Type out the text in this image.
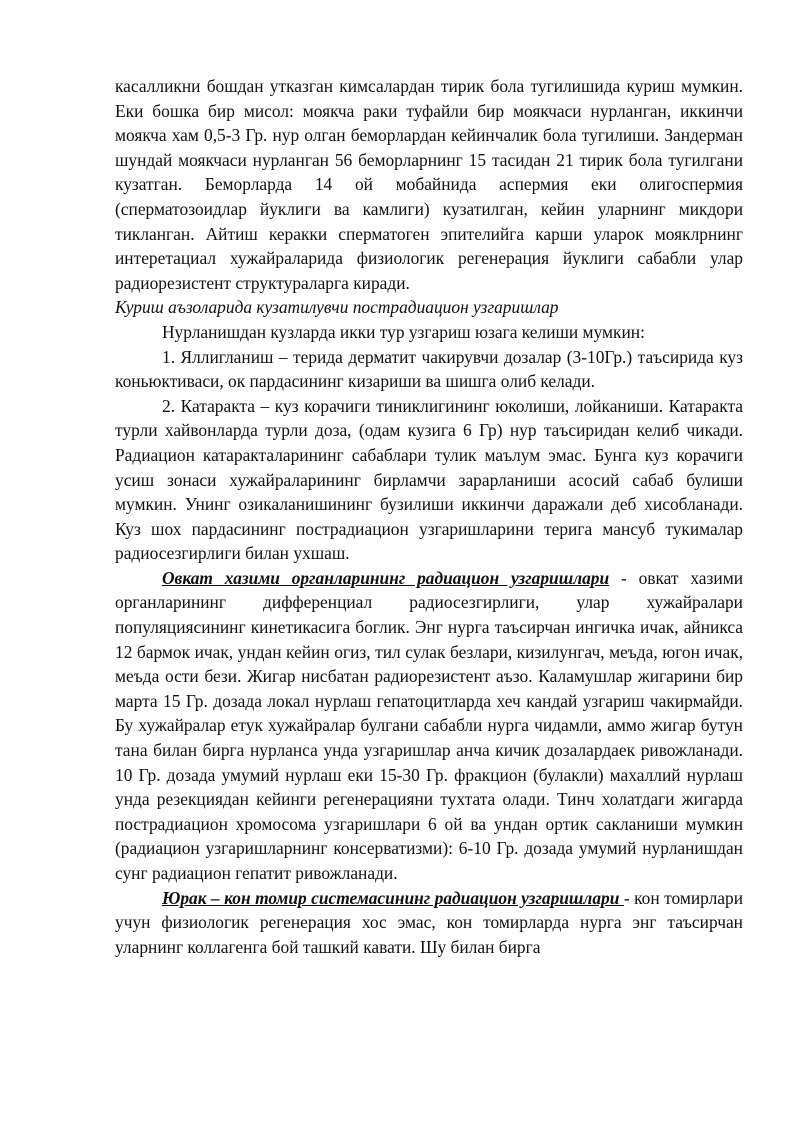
касалликни бошдан утказган кимсалардан тирик бола тугилишида куриш мумкин. Еки бошка бир мисол: моякча раки туфайли бир моякчаси нурланган, иккинчи моякча хам 0,5-3 Гр. нур олган беморлардан кейинчалик бола тугилиши. Зандерман шундай моякчаси нурланган 56 беморларнинг 15 тасидан 21 тирик бола тугилгани кузатган. Беморларда 14 ой мобайнида аспермия еки олигоспермия (сперматозоидлар йуклиги ва камлиги) кузатилган, кейин уларнинг микдори тикланган. Айтиш керакки сперматоген эпителийга карши уларок мояклрнинг интеретациал хужайраларида физиологик регенерация йуклиги сабабли улар радиорезистент структураларга киради.

Куриш аъзоларида кузатилувчи пострадиацион узгаришлар

Нурланишдан кузларда икки тур узгариш юзага келиши мумкин:

1. Яллигланиш – терида дерматит чакирувчи дозалар (3-10Гр.) таъсирида куз коньюктиваси, ок пардасининг кизариши ва шишга олиб келади.

2. Катаракта – куз корачиги тиниклигининг юколиши, лойканиши. Катаракта турли хайвонларда турли доза, (одам кузига 6 Гр) нур таъсиридан келиб чикади. Радиацион катаракталарининг сабаблари тулик маълум эмас. Бунга куз корачиги усиш зонаси хужайраларининг бирламчи зарарланиши асосий сабаб булиши мумкин. Унинг озикаланишининг бузилиши иккинчи даражали деб хисобланади. Куз шох пардасининг пострадиацион узгаришларини терига мансуб тукималар радиосезгирлиги билан ухшаш.

Овкат хазими органларининг радиацион узгаришлари - овкат хазими органларининг дифференциал радиосезгирлиги, улар хужайралари популяциясининг кинетикасига боглик. Энг нурга таъсирчан ингичка ичак, айникса 12 бармок ичак, ундан кейин огиз, тил сулак безлари, кизилунгач, меъда, югон ичак, меъда ости бези. Жигар нисбатан радиорезистент аъзо. Каламушлар жигарини бир марта 15 Гр. дозада локал нурлаш гепатоцитларда хеч кандай узгариш чакирмайди. Бу хужайралар етук хужайралар булгани сабабли нурга чидамли, аммо жигар бутун тана билан бирга нурланса унда узгаришлар анча кичик дозалардаек ривожланади. 10 Гр. дозада умумий нурлаш еки 15-30 Гр. фракцион (булакли) махаллий нурлаш унда резекциядан кейинги регенерацияни тухтата олади. Тинч холатдаги жигарда пострадиацион хромосома узгаришлари 6 ой ва ундан ортик сакланиши мумкин (радиацион узгаришларнинг консерватизми): 6-10 Гр. дозада умумий нурланишдан сунг радиацион гепатит ривожланади.

Юрак – кон томир системасининг радиацион узгаришлари - кон томирлари учун физиологик регенерация хос эмас, кон томирларда нурга энг таъсирчан уларнинг коллагенга бой ташкий кавати. Шу билан бирга
